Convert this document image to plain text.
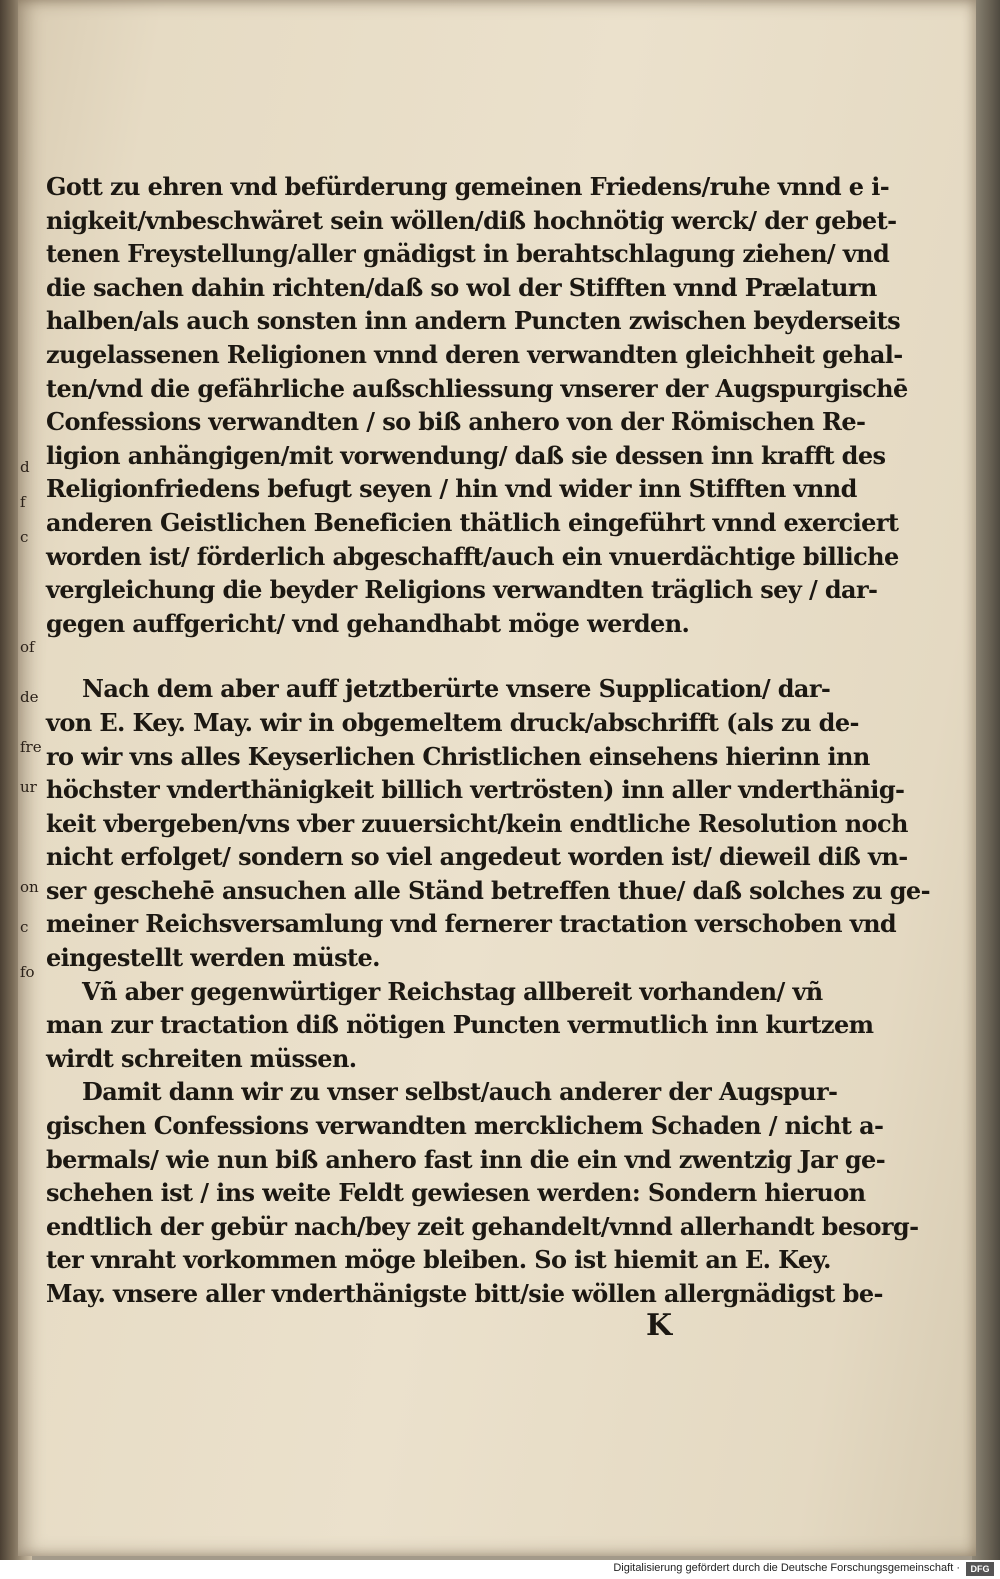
d
f
c
of
de
fre
ur
on
c
fo
Gott zu ehren vnd befürderung gemeinen Friedens/ruhe vnnd e i-
nigkeit/vnbeschwäret sein wöllen/diß hochnötig werck/ der gebet-
tenen Freystellung/aller gnädigst in berahtschlagung ziehen/ vnd
die sachen dahin richten/daß so wol der Stifften vnnd Prælaturn
halben/als auch sonsten inn andern Puncten zwischen beyderseits
zugelassenen Religionen vnnd deren verwandten gleichheit gehal-
ten/vnd die gefährliche außschliessung vnserer der Augspurgischē
Confessions verwandten / so biß anhero von der Römischen Re-
ligion anhängigen/mit vorwendung/ daß sie dessen inn krafft des
Religionfriedens befugt seyen / hin vnd wider inn Stifften vnnd
anderen Geistlichen Beneficien thätlich eingeführt vnnd exerciert
worden ist/ förderlich abgeschafft/auch ein vnuerdächtige billiche
vergleichung die beyder Religions verwandten träglich sey / dar-
gegen auffgericht/ vnd gehandhabt möge werden.
Nach dem aber auff jetztberürte vnsere Supplication/ dar-
von E. Key. May. wir in obgemeltem druck/abschrifft (als zu de-
ro wir vns alles Keyserlichen Christlichen einsehens hierinn inn
höchster vnderthänigkeit billich vertrösten) inn aller vnderthänig-
keit vbergeben/vns vber zuuersicht/kein endtliche Resolution noch
nicht erfolget/ sondern so viel angedeut worden ist/ dieweil diß vn-
ser geschehē ansuchen alle Ständ betreffen thue/ daß solches zu ge-
meiner Reichsversamlung vnd fernerer tractation verschoben vnd
eingestellt werden müste.
Vñ aber gegenwürtiger Reichstag allbereit vorhanden/ vñ
man zur tractation diß nötigen Puncten vermutlich inn kurtzem
wirdt schreiten müssen.
Damit dann wir zu vnser selbst/auch anderer der Augspur-
gischen Confessions verwandten mercklichem Schaden / nicht a-
bermals/ wie nun biß anhero fast inn die ein vnd zwentzig Jar ge-
schehen ist / ins weite Feldt gewiesen werden: Sondern hieruon
endtlich der gebür nach/bey zeit gehandelt/vnnd allerhandt besorg-
ter vnraht vorkommen möge bleiben. So ist hiemit an E. Key.
May. vnsere aller vnderthänigste bitt/sie wöllen allergnädigst be-
K
Digitalisierung gefördert durch die Deutsche Forschungsgemeinschaft ·	DFG
